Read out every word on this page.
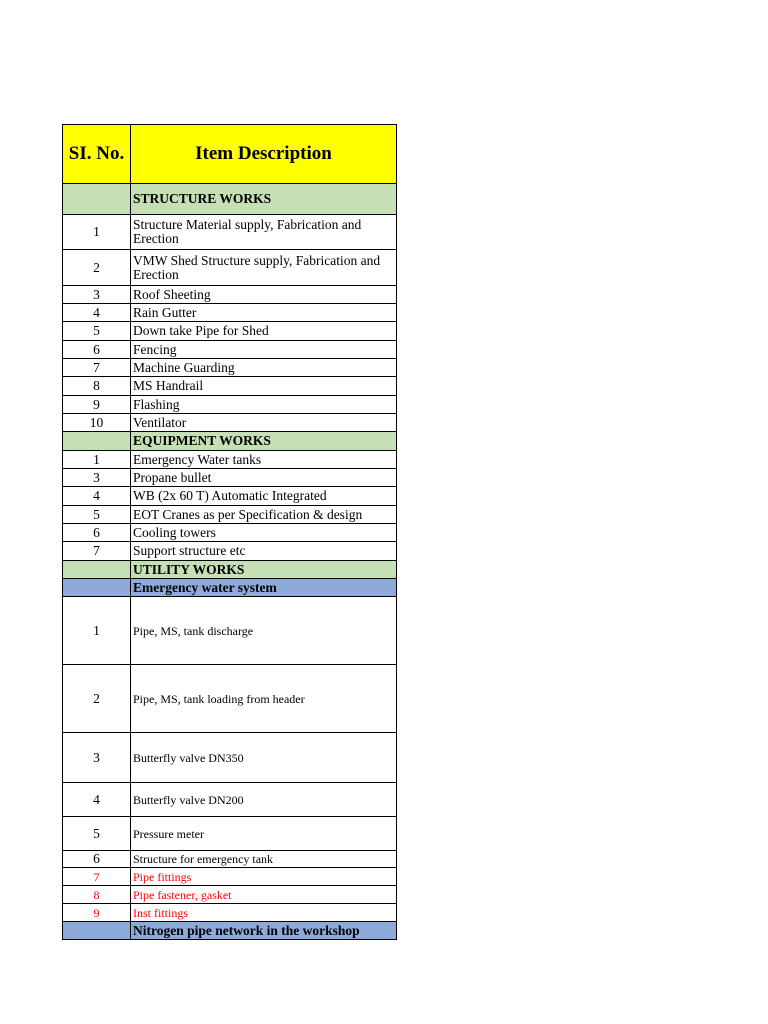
SI. No.	Item Description
	STRUCTURE WORKS
1	Structure Material supply, Fabrication and Erection
2	VMW Shed Structure supply, Fabrication and Erection
3	Roof Sheeting
4	Rain Gutter
5	Down take Pipe for Shed
6	Fencing
7	Machine Guarding
8	MS Handrail
9	Flashing
10	Ventilator
	EQUIPMENT WORKS
1	Emergency Water tanks
3	Propane bullet
4	WB (2x 60 T) Automatic Integrated
5	EOT Cranes as per Specification & design
6	Cooling towers
7	Support structure etc
	UTILITY WORKS
	Emergency water system
1	Pipe, MS, tank discharge
2	Pipe, MS, tank loading from header
3	Butterfly valve DN350
4	Butterfly valve DN200
5	Pressure meter
6	Structure for emergency tank
7	Pipe fittings
8	Pipe fastener, gasket
9	Inst fittings
	Nitrogen pipe network in the workshop
